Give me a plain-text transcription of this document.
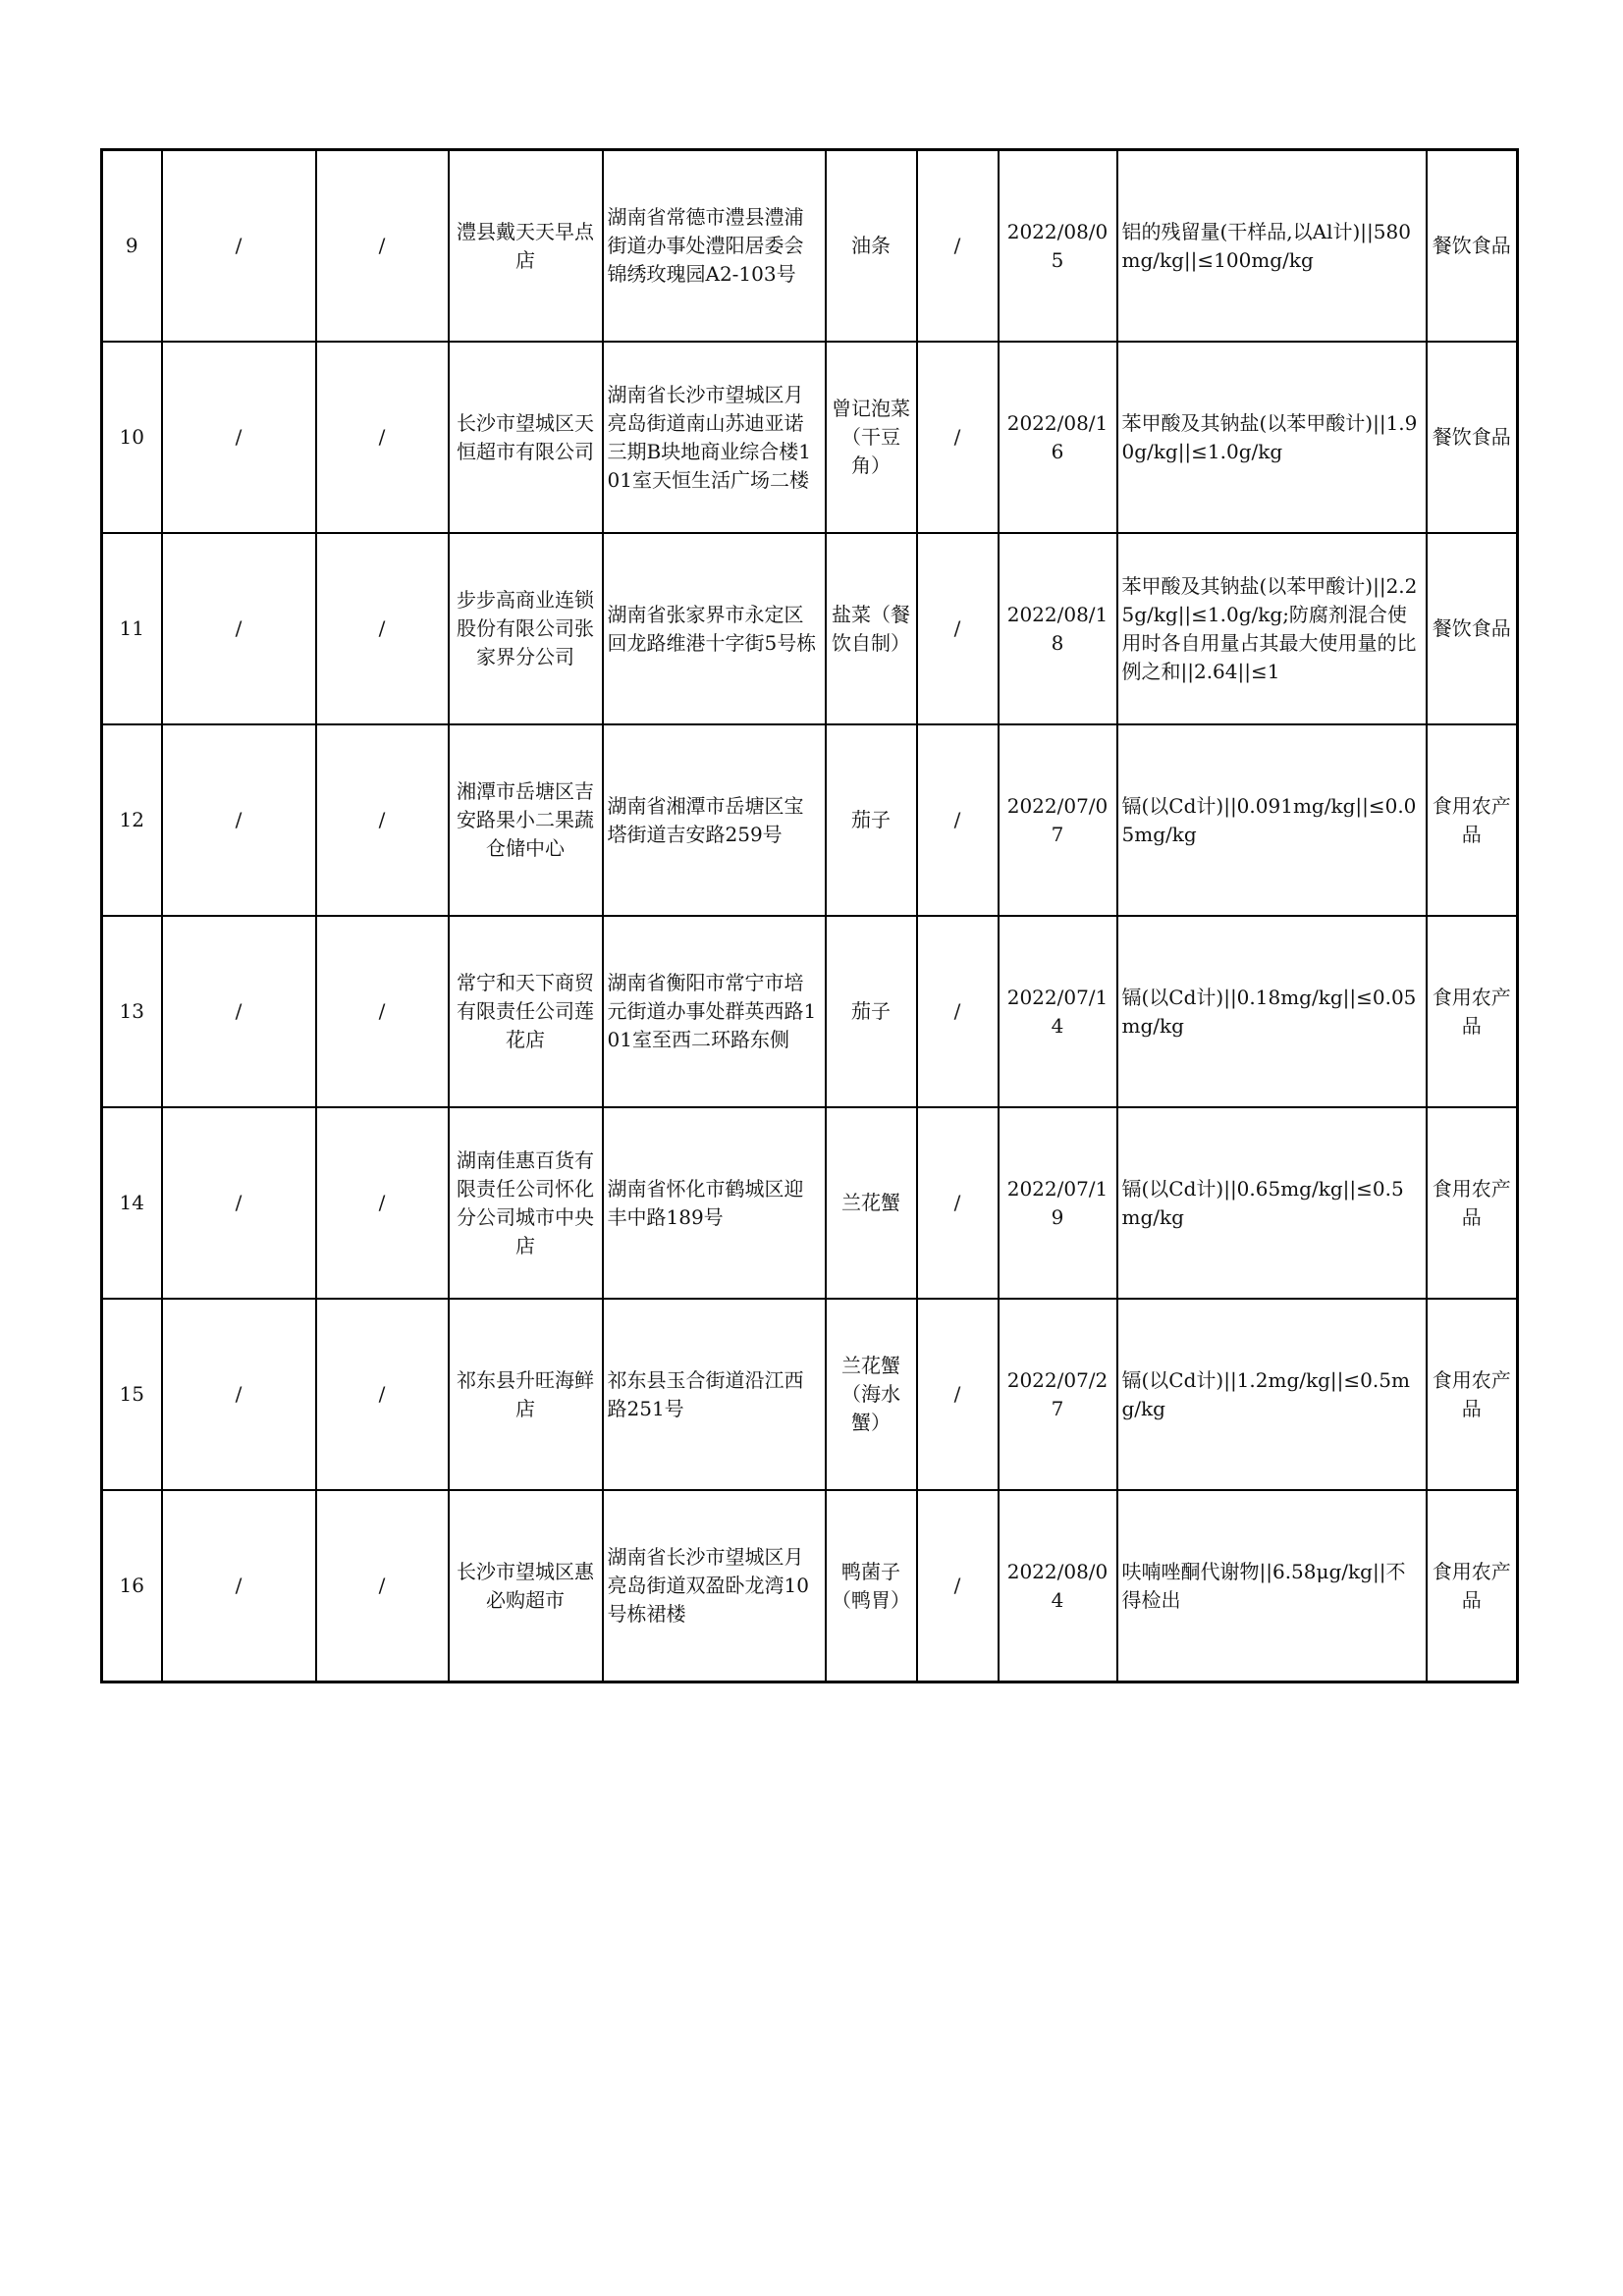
9	/	/	澧县戴天天早点店	湖南省常德市澧县澧浦街道办事处澧阳居委会锦绣玫瑰园A2-103号	油条	/	2022/08/05	铝的残留量(干样品,以Al计)||580mg/kg||≤100mg/kg	餐饮食品

10	/	/	长沙市望城区天恒超市有限公司	湖南省长沙市望城区月亮岛街道南山苏迪亚诺三期B块地商业综合楼101室天恒生活广场二楼	曾记泡菜（干豆角）	/	2022/08/16	苯甲酸及其钠盐(以苯甲酸计)||1.90g/kg||≤1.0g/kg	餐饮食品

11	/	/	步步高商业连锁股份有限公司张家界分公司	湖南省张家界市永定区回龙路维港十字街5号栋	盐菜（餐饮自制）	/	2022/08/18	苯甲酸及其钠盐(以苯甲酸计)||2.25g/kg||≤1.0g/kg;防腐剂混合使用时各自用量占其最大使用量的比例之和||2.64||≤1	餐饮食品

12	/	/	湘潭市岳塘区吉安路果小二果蔬仓储中心	湖南省湘潭市岳塘区宝塔街道吉安路259号	茄子	/	2022/07/07	镉(以Cd计)||0.091mg/kg||≤0.05mg/kg	食用农产品

13	/	/	常宁和天下商贸有限责任公司莲花店	湖南省衡阳市常宁市培元街道办事处群英西路101室至西二环路东侧	茄子	/	2022/07/14	镉(以Cd计)||0.18mg/kg||≤0.05mg/kg	食用农产品

14	/	/	湖南佳惠百货有限责任公司怀化分公司城市中央店	湖南省怀化市鹤城区迎丰中路189号	兰花蟹	/	2022/07/19	镉(以Cd计)||0.65mg/kg||≤0.5mg/kg	食用农产品

15	/	/	祁东县升旺海鲜店	祁东县玉合街道沿江西路251号	兰花蟹（海水蟹）	/	2022/07/27	镉(以Cd计)||1.2mg/kg||≤0.5mg/kg	食用农产品

16	/	/	长沙市望城区惠必购超市	湖南省长沙市望城区月亮岛街道双盈卧龙湾10号栋裙楼	鸭菌子（鸭胃）	/	2022/08/04	呋喃唑酮代谢物||6.58μg/kg||不得检出	食用农产品
